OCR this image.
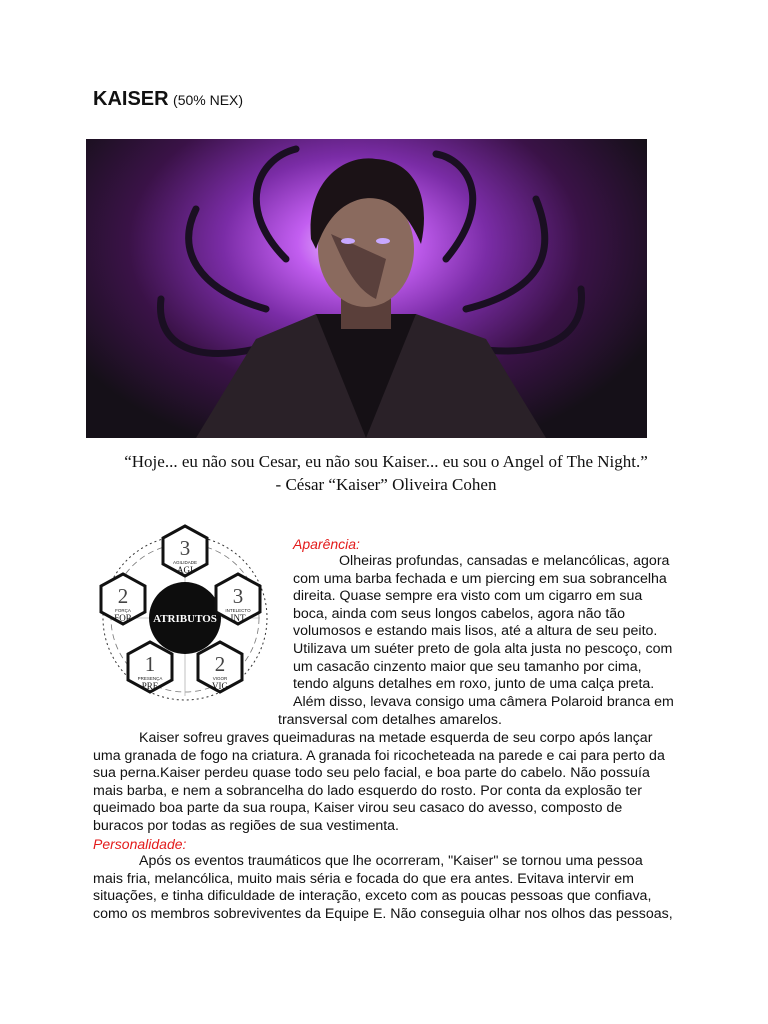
KAISER (50% NEX)
“Hoje... eu não sou Cesar, eu não sou Kaiser... eu sou o Angel of The Night.”
- César “Kaiser” Oliveira Cohen
ATRIBUTOS
3
AGILIDADE
AGI
3
INTELECTO
INT
2
VIGOR
VIG
1
PRESENÇA
PRE
2
FORÇA
FOR
Aparência:
Olheiras profundas, cansadas e melancólicas, agora
com uma barba fechada e um piercing em sua sobrancelha
direita. Quase sempre era visto com um cigarro em sua
boca, ainda com seus longos cabelos, agora não tão
volumosos e estando mais lisos, até a altura de seu peito.
Utilizava um suéter preto de gola alta justa no pescoço, com
um casacão cinzento maior que seu tamanho por cima,
tendo alguns detalhes em roxo, junto de uma calça preta.
Além disso, levava consigo uma câmera Polaroid branca em
transversal com detalhes amarelos.
Kaiser sofreu graves queimaduras na metade esquerda de seu corpo após lançar
uma granada de fogo na criatura. A granada foi ricocheteada na parede e cai para perto da
sua perna.Kaiser perdeu quase todo seu pelo facial, e boa parte do cabelo. Não possuía
mais barba, e nem a sobrancelha do lado esquerdo do rosto. Por conta da explosão ter
queimado boa parte da sua roupa, Kaiser virou seu casaco do avesso, composto de
buracos por todas as regiões de sua vestimenta.
Personalidade:
Após os eventos traumáticos que lhe ocorreram, "Kaiser" se tornou uma pessoa
mais fria, melancólica, muito mais séria e focada do que era antes. Evitava intervir em
situações, e tinha dificuldade de interação, exceto com as poucas pessoas que confiava,
como os membros sobreviventes da Equipe E. Não conseguia olhar nos olhos das pessoas,
